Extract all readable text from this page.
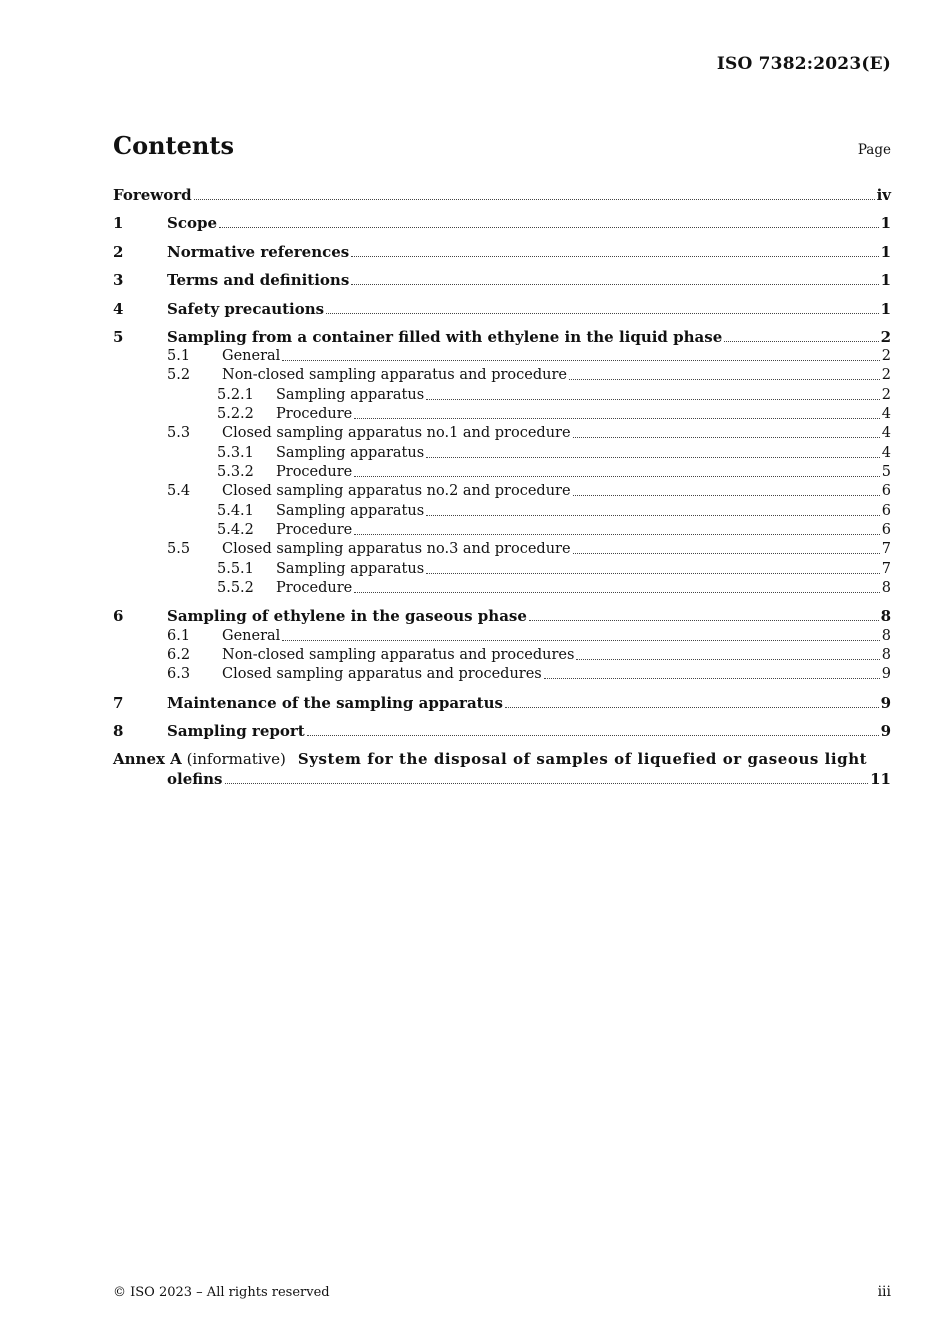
ISO 7382:2023(E)
Contents	Page
Foreword	iv
1	Scope	1
2	Normative references	1
3	Terms and definitions	1
4	Safety precautions	1
5	Sampling from a container filled with ethylene in the liquid phase	2
5.1	General	2
5.2	Non-closed sampling apparatus and procedure	2
5.2.1	Sampling apparatus	2
5.2.2	Procedure	4
5.3	Closed sampling apparatus no.1 and procedure	4
5.3.1	Sampling apparatus	4
5.3.2	Procedure	5
5.4	Closed sampling apparatus no.2 and procedure	6
5.4.1	Sampling apparatus	6
5.4.2	Procedure	6
5.5	Closed sampling apparatus no.3 and procedure	7
5.5.1	Sampling apparatus	7
5.5.2	Procedure	8
6	Sampling of ethylene in the gaseous phase	8
6.1	General	8
6.2	Non-closed sampling apparatus and procedures	8
6.3	Closed sampling apparatus and procedures	9
7	Maintenance of the sampling apparatus	9
8	Sampling report	9
Annex A (informative) System for the disposal of samples of liquefied or gaseous light
olefins	11
© ISO 2023 – All rights reserved	iii
